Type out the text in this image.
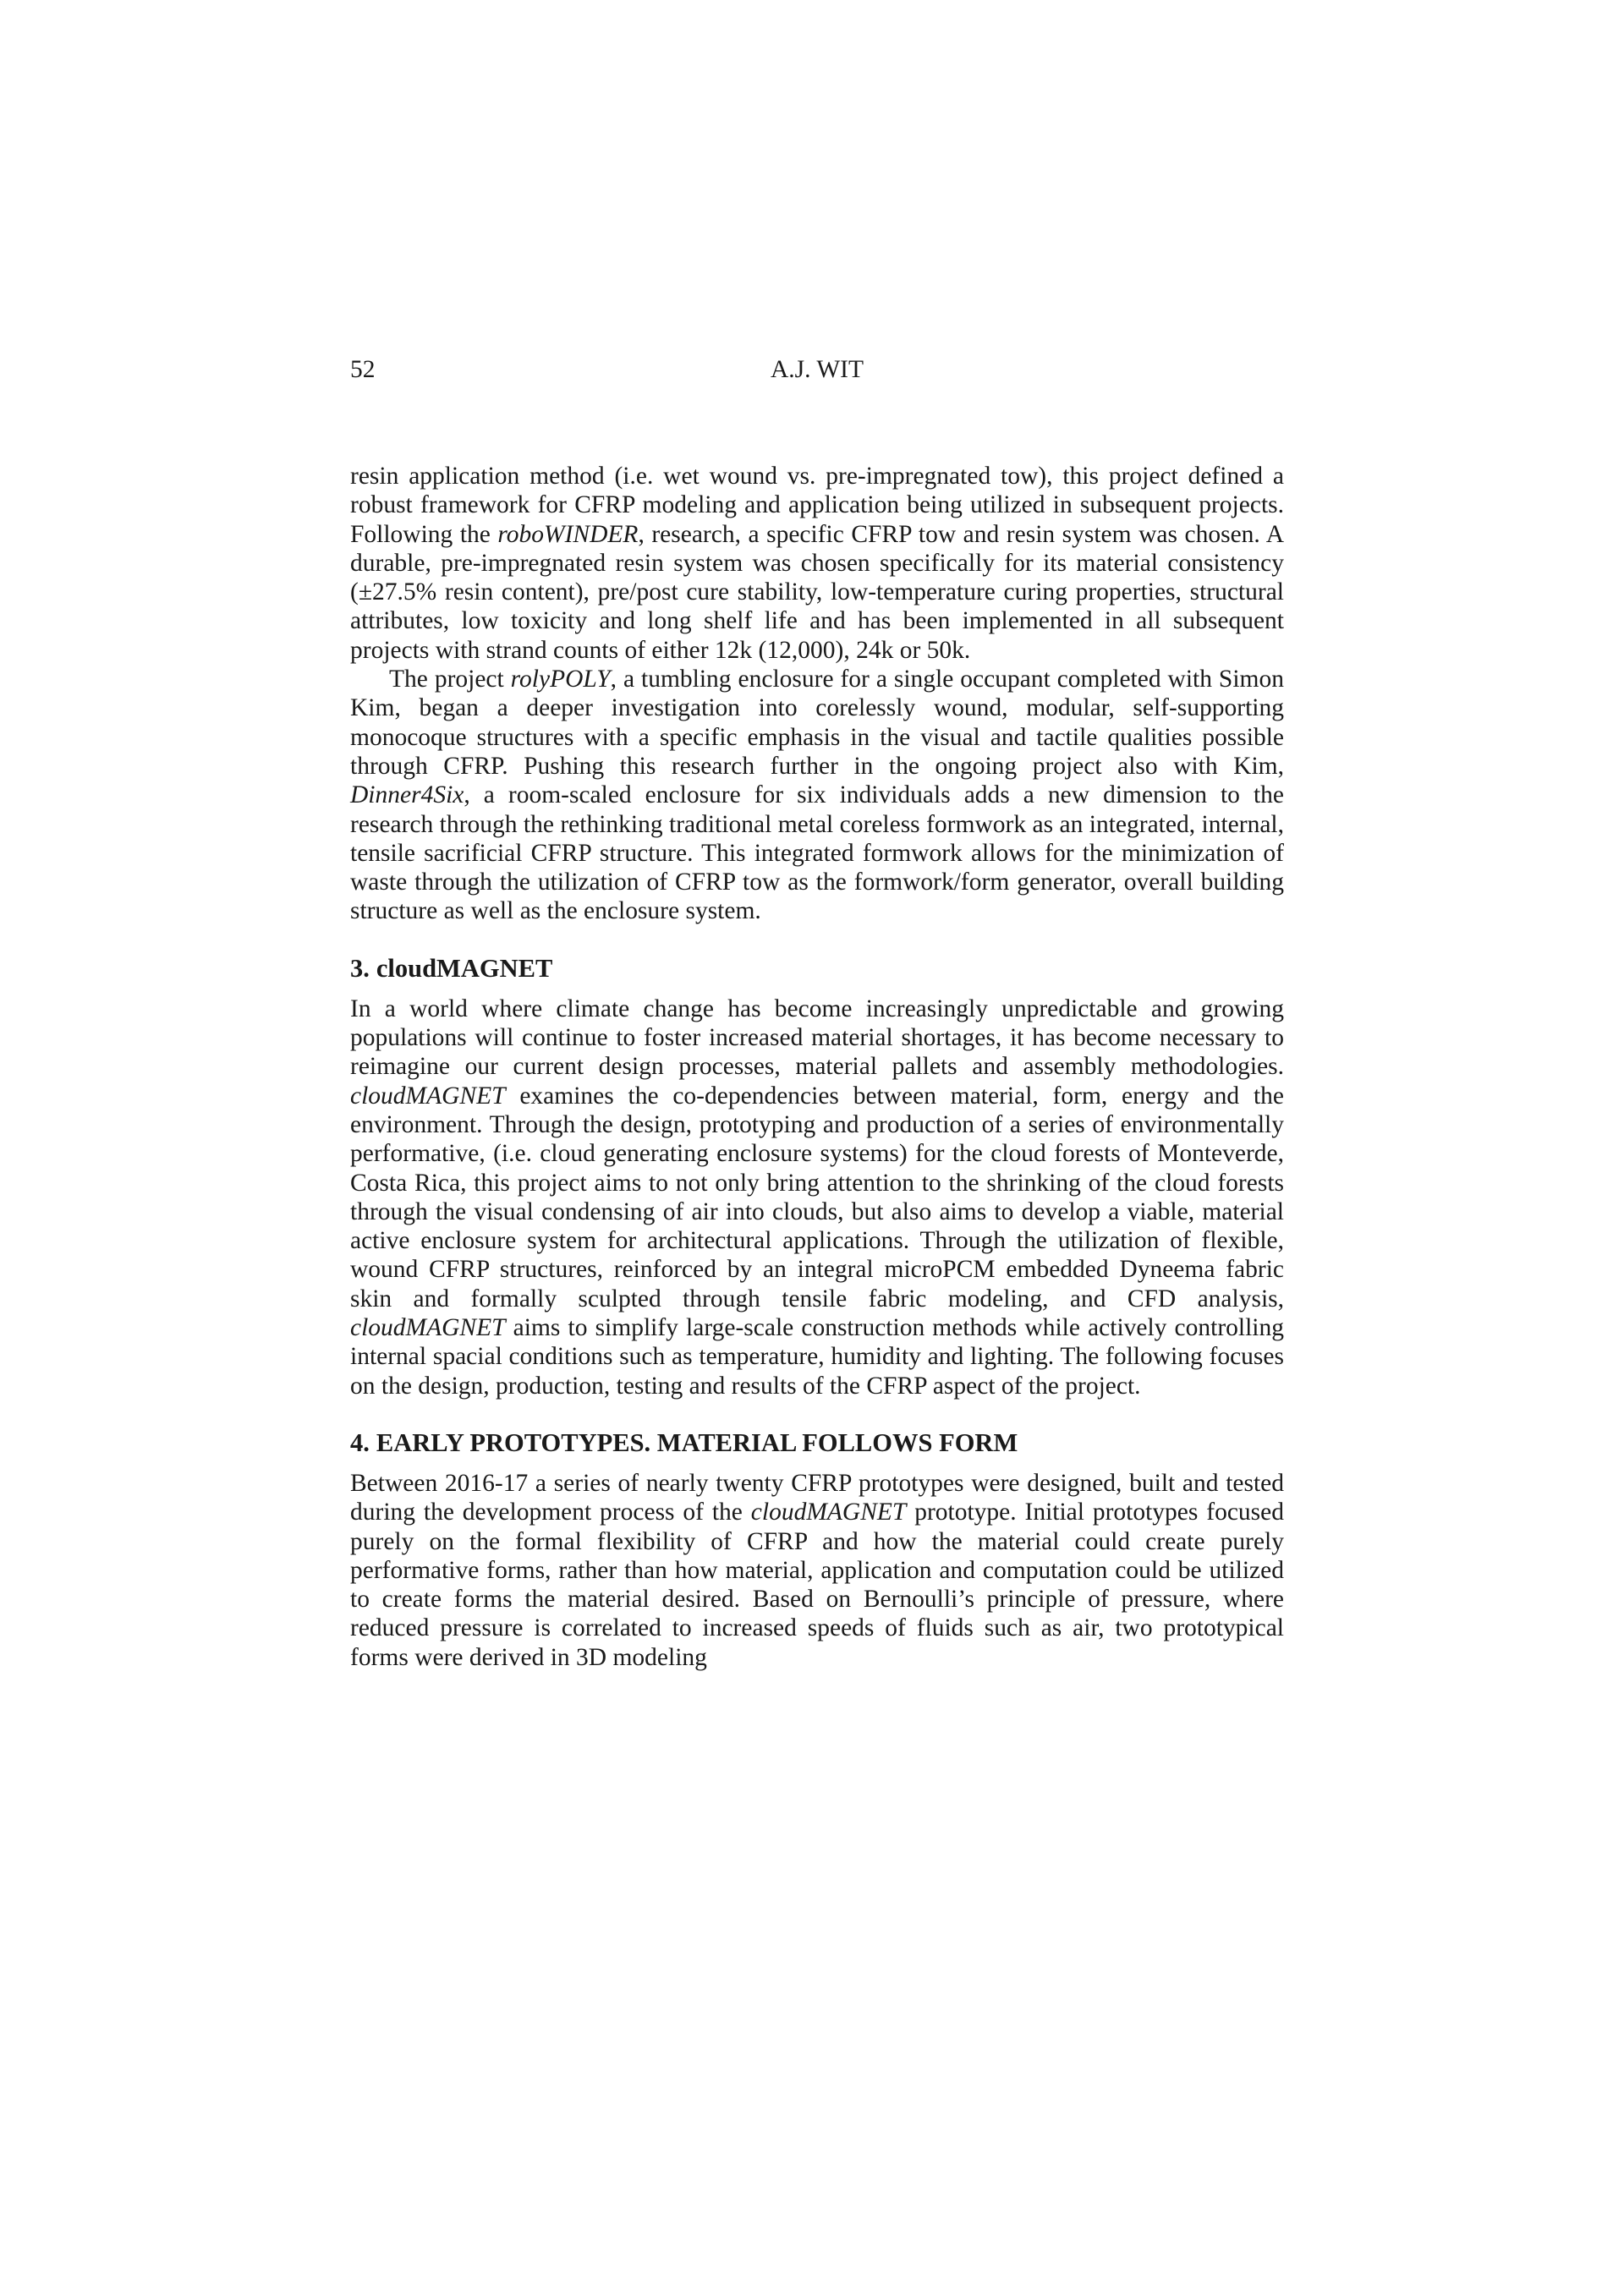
52	A.J. WIT

resin application method (i.e. wet wound vs. pre-impregnated tow), this project defined a robust framework for CFRP modeling and application being utilized in subsequent projects. Following the roboWINDER, research, a specific CFRP tow and resin system was chosen. A durable, pre-impregnated resin system was chosen specifically for its material consistency (±27.5% resin content), pre/post cure stability, low-temperature curing properties, structural attributes, low toxicity and long shelf life and has been implemented in all subsequent projects with strand counts of either 12k (12,000), 24k or 50k.

The project rolyPOLY, a tumbling enclosure for a single occupant completed with Simon Kim, began a deeper investigation into corelessly wound, modular, self-supporting monocoque structures with a specific emphasis in the visual and tactile qualities possible through CFRP. Pushing this research further in the ongoing project also with Kim, Dinner4Six, a room-scaled enclosure for six individuals adds a new dimension to the research through the rethinking traditional metal coreless formwork as an integrated, internal, tensile sacrificial CFRP structure. This integrated formwork allows for the minimization of waste through the utilization of CFRP tow as the formwork/form generator, overall building structure as well as the enclosure system.

3. cloudMAGNET

In a world where climate change has become increasingly unpredictable and growing populations will continue to foster increased material shortages, it has become necessary to reimagine our current design processes, material pallets and assembly methodologies. cloudMAGNET examines the co-dependencies between material, form, energy and the environment. Through the design, prototyping and production of a series of environmentally performative, (i.e. cloud generating enclosure systems) for the cloud forests of Monteverde, Costa Rica, this project aims to not only bring attention to the shrinking of the cloud forests through the visual condensing of air into clouds, but also aims to develop a viable, material active enclosure system for architectural applications. Through the utilization of flexible, wound CFRP structures, reinforced by an integral microPCM embedded Dyneema fabric skin and formally sculpted through tensile fabric modeling, and CFD analysis, cloudMAGNET aims to simplify large-scale construction methods while actively controlling internal spacial conditions such as temperature, humidity and lighting. The following focuses on the design, production, testing and results of the CFRP aspect of the project.

4. EARLY PROTOTYPES. MATERIAL FOLLOWS FORM

Between 2016-17 a series of nearly twenty CFRP prototypes were designed, built and tested during the development process of the cloudMAGNET prototype. Initial prototypes focused purely on the formal flexibility of CFRP and how the material could create purely performative forms, rather than how material, application and computation could be utilized to create forms the material desired. Based on Bernoulli’s principle of pressure, where reduced pressure is correlated to increased speeds of fluids such as air, two prototypical forms were derived in 3D modeling
